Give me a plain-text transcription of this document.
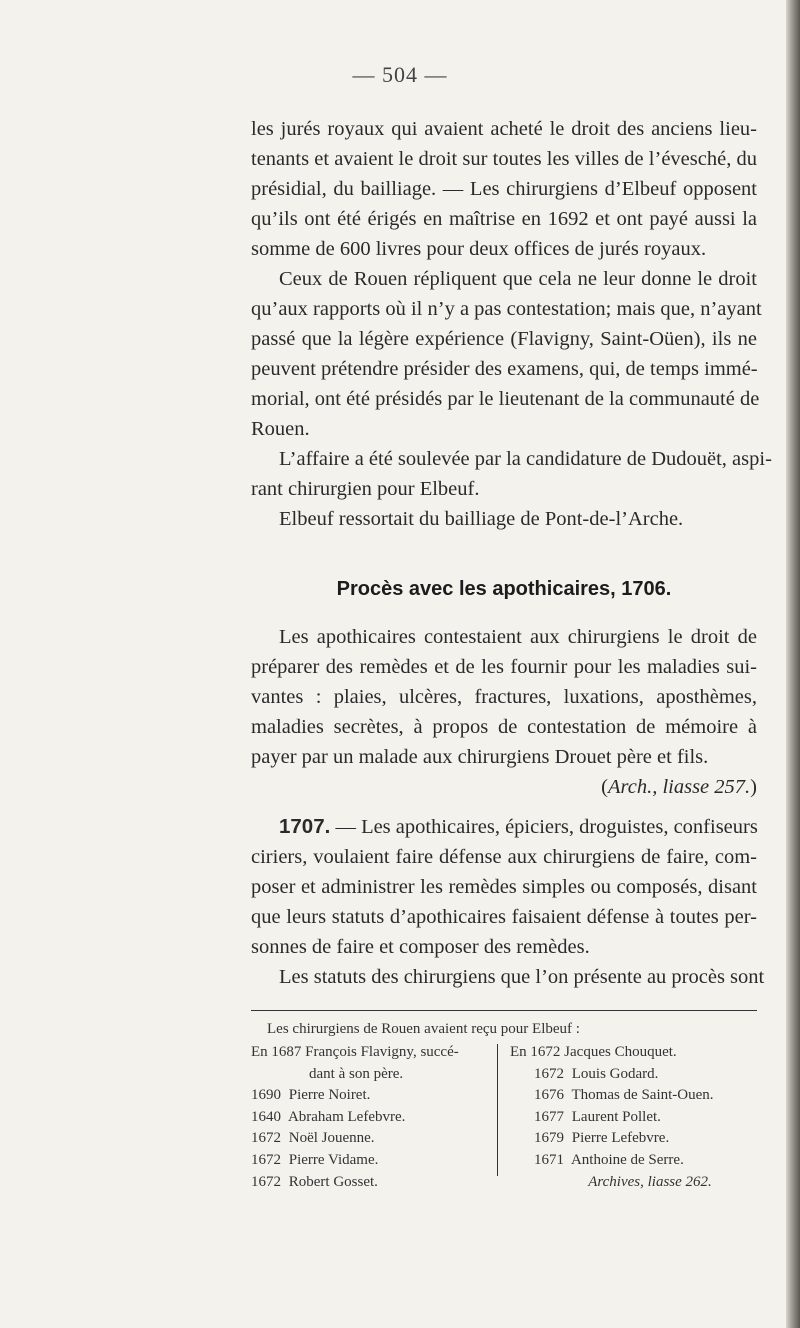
— 504 —
les jurés royaux qui avaient acheté le droit des anciens lieu-
tenants et avaient le droit sur toutes les villes de l’évesché, du
présidial, du bailliage. — Les chirurgiens d’Elbeuf opposent
qu’ils ont été érigés en maîtrise en 1692 et ont payé aussi la
somme de 600 livres pour deux offices de jurés royaux.
Ceux de Rouen répliquent que cela ne leur donne le droit
qu’aux rapports où il n’y a pas contestation; mais que, n’ayant
passé que la légère expérience (Flavigny, Saint-Oüen), ils ne
peuvent prétendre présider des examens, qui, de temps immé-
morial, ont été présidés par le lieutenant de la communauté de
Rouen.
L’affaire a été soulevée par la candidature de Dudouët, aspi-
rant chirurgien pour Elbeuf.
Elbeuf ressortait du bailliage de Pont-de-l’Arche.
Procès avec les apothicaires, 1706.
Les apothicaires contestaient aux chirurgiens le droit de
préparer des remèdes et de les fournir pour les maladies sui-
vantes : plaies, ulcères, fractures, luxations, aposthèmes,
maladies secrètes, à propos de contestation de mémoire à
payer par un malade aux chirurgiens Drouet père et fils.
(Arch., liasse 257.)
1707. — Les apothicaires, épiciers, droguistes, confiseurs
ciriers, voulaient faire défense aux chirurgiens de faire, com-
poser et administrer les remèdes simples ou composés, disant
que leurs statuts d’apothicaires faisaient défense à toutes per-
sonnes de faire et composer des remèdes.
Les statuts des chirurgiens que l’on présente au procès sont
Les chirurgiens de Rouen avaient reçu pour Elbeuf :
En 1687 François Flavigny, succé-
dant à son père.
1690 Pierre Noiret.
1640 Abraham Lefebvre.
1672 Noël Jouenne.
1672 Pierre Vidame.
1672 Robert Gosset.
En 1672 Jacques Chouquet.
1672 Louis Godard.
1676 Thomas de Saint-Ouen.
1677 Laurent Pollet.
1679 Pierre Lefebvre.
1671 Anthoine de Serre.
Archives, liasse 262.
